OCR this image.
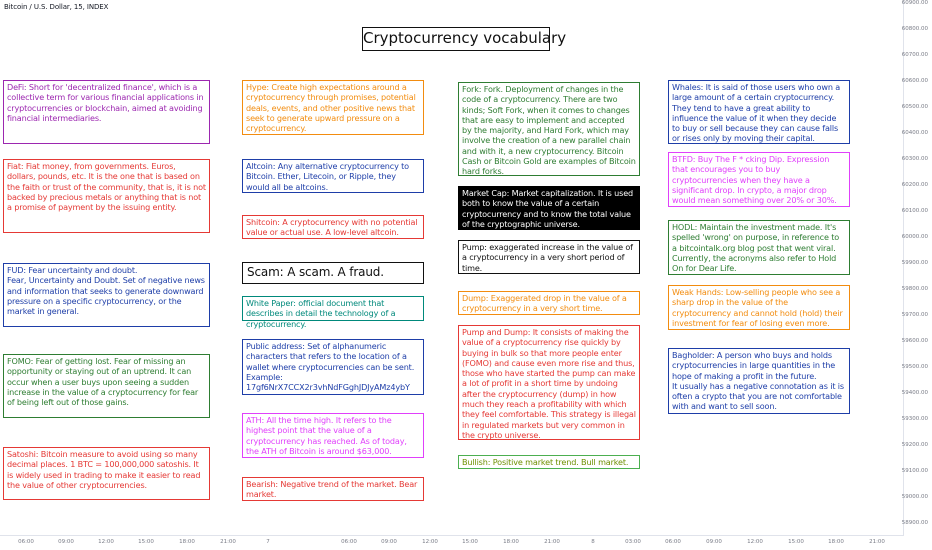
Bitcoin / U.S. Dollar, 15, INDEX
Cryptocurrency vocabulary
DeFi: Short for 'decentralized finance', which is a collective term for various financial applications in cryptocurrencies or blockchain, aimed at avoiding financial intermediaries.
Fiat: Fiat money, from governments. Euros, dollars, pounds, etc. It is the one that is based on the faith or trust of the community, that is, it is not backed by precious metals or anything that is not a promise of payment by the issuing entity.
FUD: Fear uncertainty and doubt.
Fear, Uncertainty and Doubt. Set of negative news and information that seeks to generate downward pressure on a specific cryptocurrency, or the market in general.
FOMO: Fear of getting lost. Fear of missing an opportunity or staying out of an uptrend. It can occur when a user buys upon seeing a sudden increase in the value of a cryptocurrency for fear of being left out of those gains.
Satoshi: Bitcoin measure to avoid using so many decimal places. 1 BTC = 100,000,000 satoshis. It is widely used in trading to make it easier to read the value of other cryptocurrencies.
Hype: Create high expectations around a cryptocurrency through promises, potential deals, events, and other positive news that seek to generate upward pressure on a cryptocurrency.
Altcoin: Any alternative cryptocurrency to Bitcoin. Ether, Litecoin, or Ripple, they would all be altcoins.
Shitcoin: A cryptocurrency with no potential value or actual use. A low-level altcoin.
Scam: A scam. A fraud.
White Paper: official document that describes in detail the technology of a cryptocurrency.
Public address: Set of alphanumeric characters that refers to the location of a wallet where cryptocurrencies can be sent. Example:
17gf6NrX7CCX2r3vhNdFGghJDJyAMz4ybY
ATH: All the time high. It refers to the highest point that the value of a cryptocurrency has reached. As of today, the ATH of Bitcoin is around $63,000.
Bearish: Negative trend of the market. Bear market.
Fork: Fork. Deployment of changes in the code of a cryptocurrency. There are two kinds; Soft Fork, when it comes to changes that are easy to implement and accepted by the majority, and Hard Fork, which may involve the creation of a new parallel chain and with it, a new cryptocurrency. Bitcoin Cash or Bitcoin Gold are examples of Bitcoin hard forks.
Market Cap: Market capitalization. It is used both to know the value of a certain cryptocurrency and to know the total value of the cryptographic universe.
Pump: exaggerated increase in the value of a cryptocurrency in a very short period of time.
Dump: Exaggerated drop in the value of a cryptocurrency in a very short time.
Pump and Dump: It consists of making the value of a cryptocurrency rise quickly by buying in bulk so that more people enter (FOMO) and cause even more rise and thus, those who have started the pump can make a lot of profit in a short time by undoing after the cryptocurrency (dump) in how much they reach a profitability with which they feel comfortable. This strategy is illegal in regulated markets but very common in the crypto universe.
Bullish: Positive market trend. Bull market.
Whales: It is said of those users who own a large amount of a certain cryptocurrency. They tend to have a great ability to influence the value of it when they decide to buy or sell because they can cause falls or rises only by moving their capital.
BTFD: Buy The F * cking Dip. Expression that encourages you to buy cryptocurrencies when they have a significant drop. In crypto, a major drop would mean something over 20% or 30%.
HODL: Maintain the investment made. It's spelled 'wrong' on purpose, in reference to a bitcointalk.org blog post that went viral. Currently, the acronyms also refer to Hold On for Dear Life.
Weak Hands: Low-selling people who see a sharp drop in the value of the cryptocurrency and cannot hold (hold) their investment for fear of losing even more.
Bagholder: A person who buys and holds cryptocurrencies in large quantities in the hope of making a profit in the future.
It usually has a negative connotation as it is often a crypto that you are not comfortable with and want to sell soon.
60900.00
60800.00
60700.00
60600.00
60500.00
60400.00
60300.00
60200.00
60100.00
60000.00
59900.00
59800.00
59700.00
59600.00
59500.00
59400.00
59300.00
59200.00
59100.00
59000.00
58900.00
06:00	09:00	12:00	15:00	18:00	21:00	7	06:00	09:00	12:00	15:00	18:00	21:00	8	03:00	06:00	09:00	12:00	15:00	18:00	21:00
